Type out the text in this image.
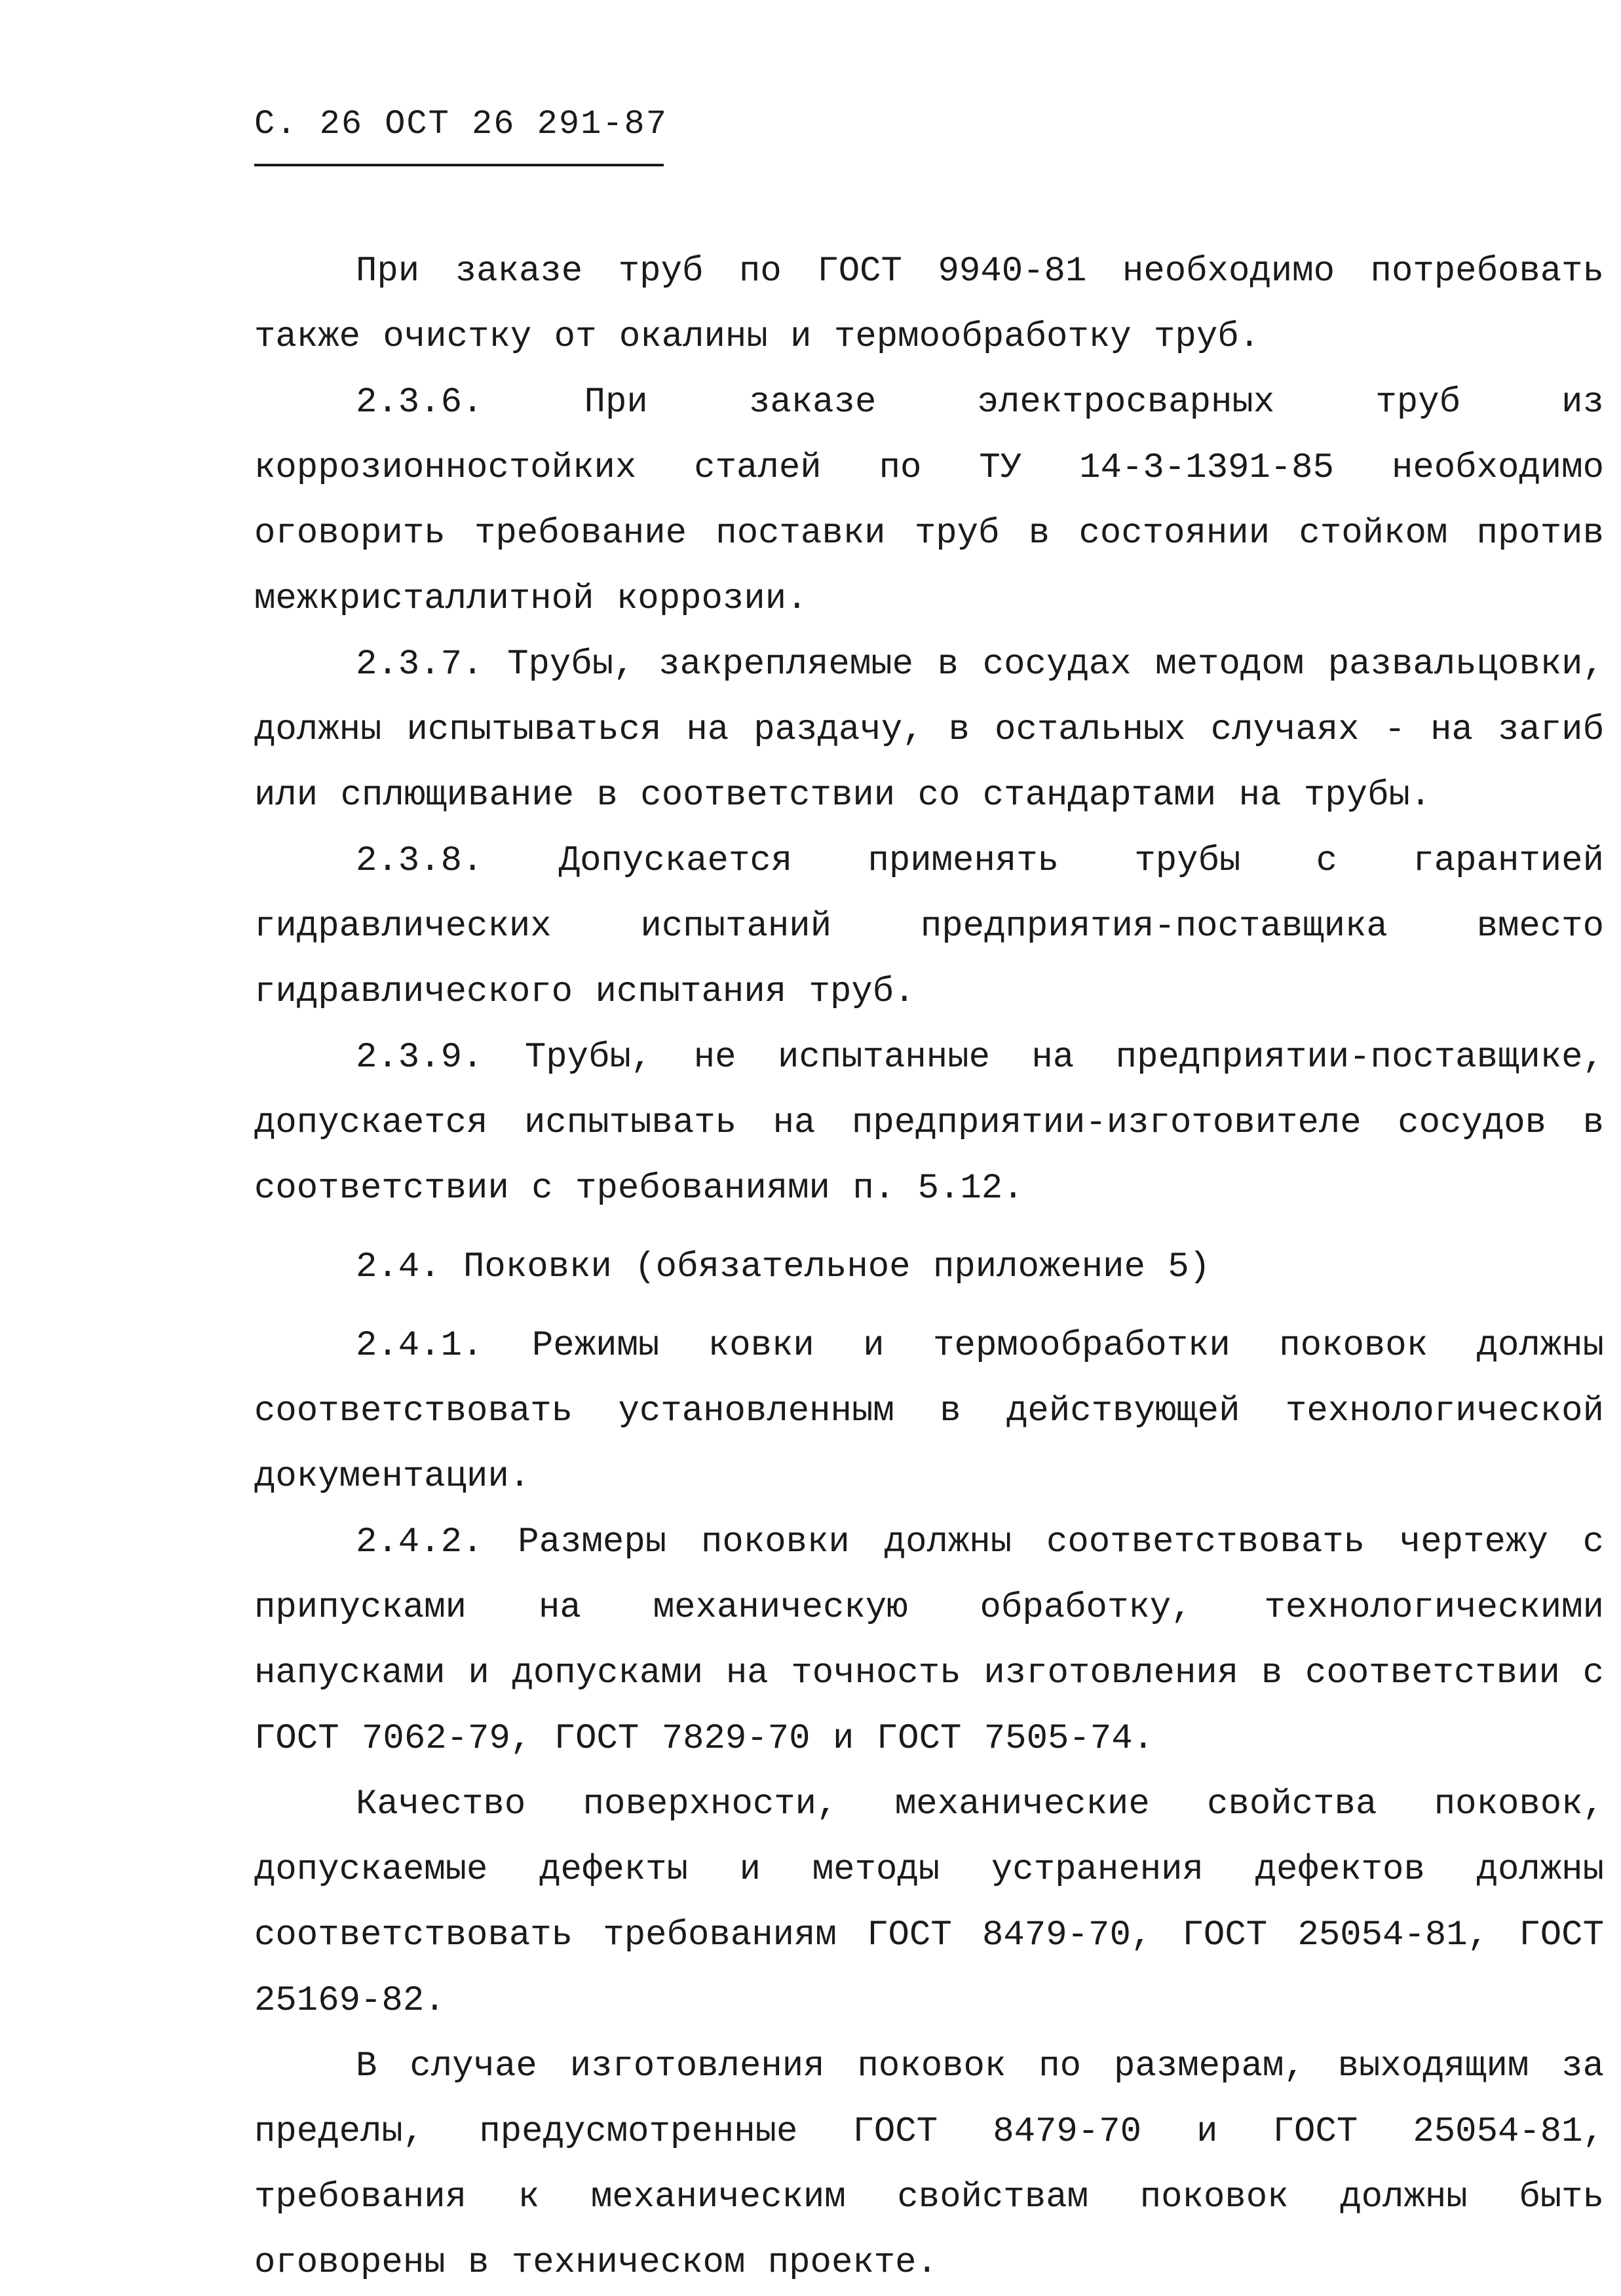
С. 26 ОСТ 26 291-87

При заказе труб по ГОСТ 9940-81 необходимо потребовать также очистку от окалины и термообработку труб.

2.3.6. При заказе электросварных труб из коррозионностойких сталей по ТУ 14-3-1391-85 необходимо оговорить требование поставки труб в состоянии стойком против межкристаллитной коррозии.

2.3.7. Трубы, закрепляемые в сосудах методом развальцовки, должны испытываться на раздачу, в остальных случаях - на загиб или сплющивание в соответствии со стандартами на трубы.

2.3.8. Допускается применять трубы с гарантией гидравлических испытаний предприятия-поставщика вместо гидравлического испытания труб.

2.3.9. Трубы, не испытанные на предприятии-поставщике, допускается испытывать на предприятии-изготовителе сосудов в соответствии с требованиями п. 5.12.

2.4. Поковки (обязательное приложение 5)

2.4.1. Режимы ковки и термообработки поковок должны соответствовать установленным в действующей технологической документации.

2.4.2. Размеры поковки должны соответствовать чертежу с припусками на механическую обработку, технологическими напусками и допусками на точность изготовления в соответствии с ГОСТ 7062-79, ГОСТ 7829-70 и ГОСТ 7505-74.

Качество поверхности, механические свойства поковок, допускаемые дефекты и методы устранения дефектов должны соответствовать требованиям ГОСТ 8479-70, ГОСТ 25054-81, ГОСТ 25169-82.

В случае изготовления поковок по размерам, выходящим за пределы, предусмотренные ГОСТ 8479-70 и ГОСТ 25054-81, требования к механическим свойствам поковок должны быть оговорены в техническом проекте.
